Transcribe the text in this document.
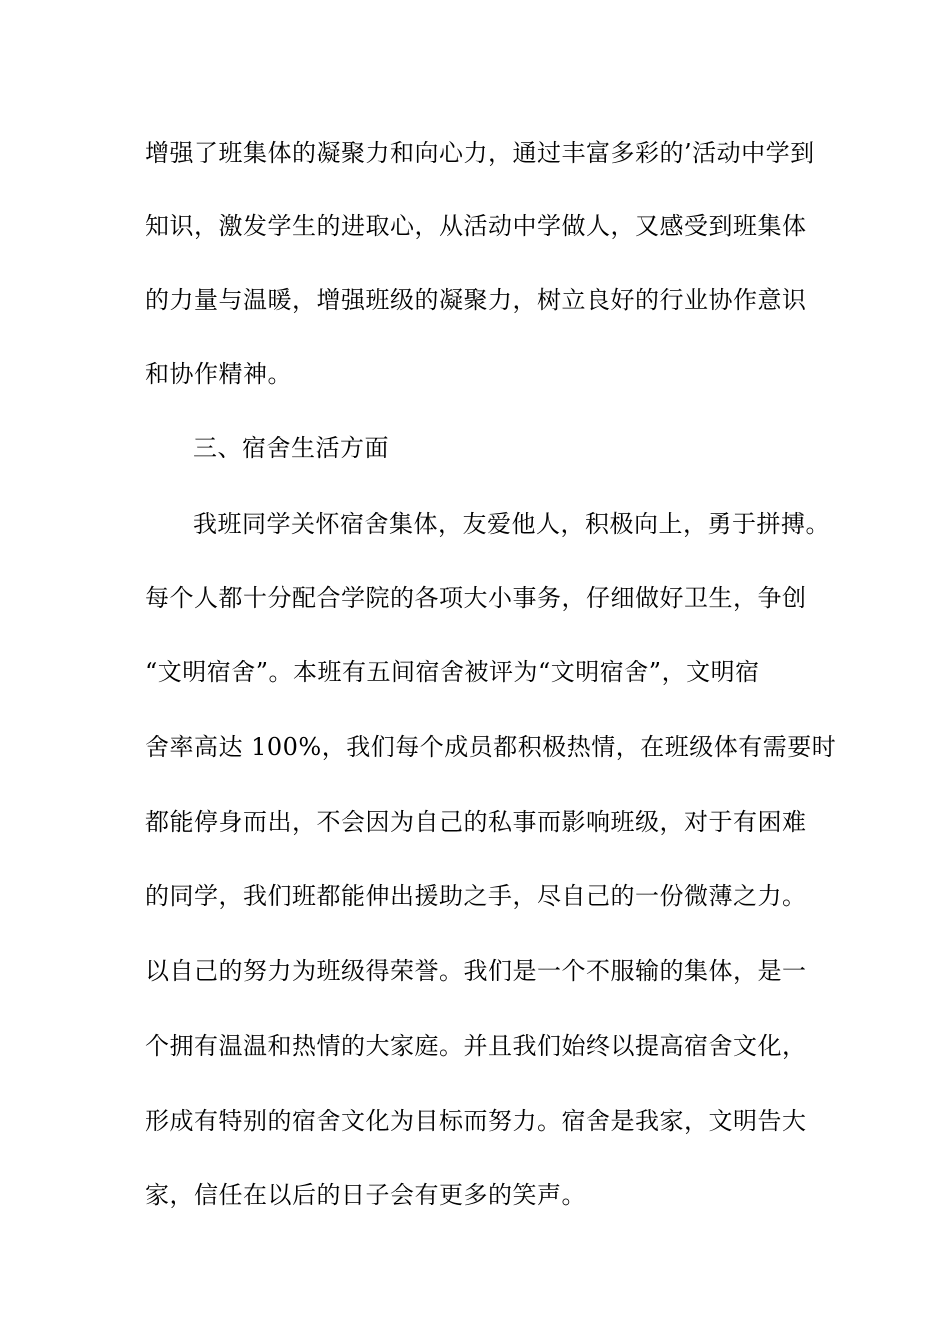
增强了班集体的凝聚力和向心力，通过丰富多彩的’活动中学到
知识，激发学生的进取心，从活动中学做人，又感受到班集体
的力量与温暖，增强班级的凝聚力，树立良好的行业协作意识
和协作精神。
三、宿舍生活方面
我班同学关怀宿舍集体，友爱他人，积极向上，勇于拼搏。
每个人都十分配合学院的各项大小事务，仔细做好卫生，争创
“文明宿舍”。本班有五间宿舍被评为“文明宿舍”，文明宿
舍率高达 100%，我们每个成员都积极热情，在班级体有需要时
都能停身而出，不会因为自己的私事而影响班级，对于有困难
的同学，我们班都能伸出援助之手，尽自己的一份微薄之力。
以自己的努力为班级得荣誉。我们是一个不服输的集体，是一
个拥有温温和热情的大家庭。并且我们始终以提高宿舍文化，
形成有特别的宿舍文化为目标而努力。宿舍是我家，文明告大
家，信任在以后的日子会有更多的笑声。
